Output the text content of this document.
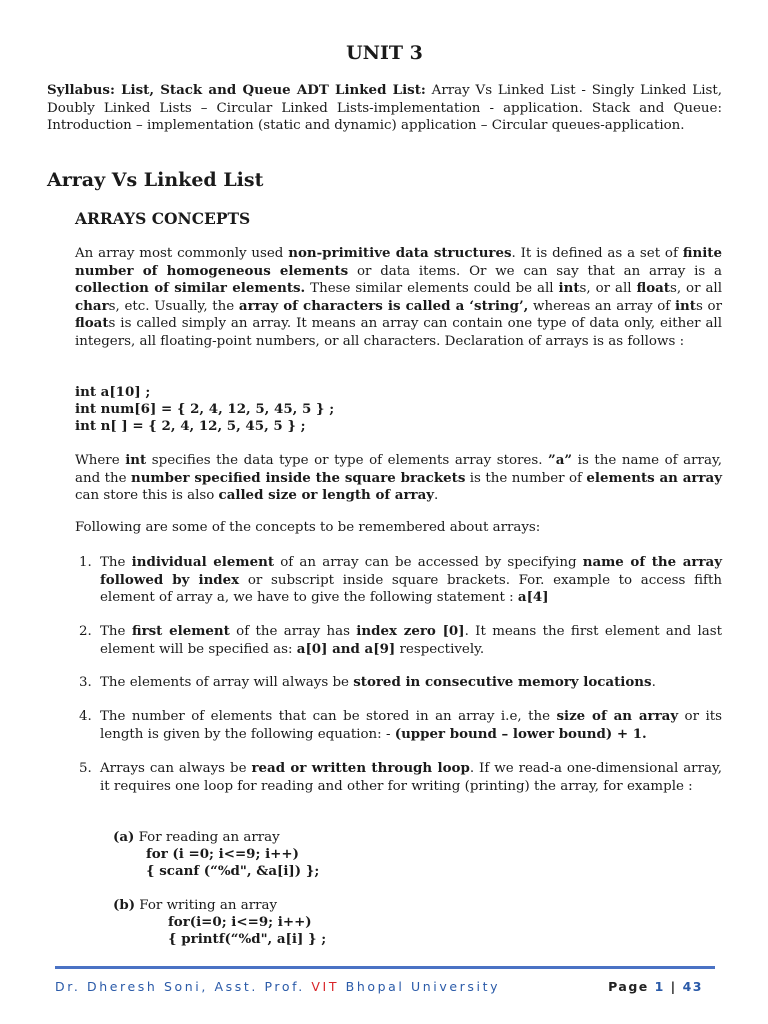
UNIT 3
Syllabus: List, Stack and Queue ADT Linked List: Array Vs Linked List - Singly Linked List, Doubly Linked Lists – Circular Linked Lists-implementation - application. Stack and Queue: Introduction – implementation (static and dynamic) application – Circular queues-application.
Array Vs Linked List
ARRAYS CONCEPTS
An array most commonly used non-primitive data structures. It is defined as a set of finite number of homogeneous elements or data items. Or we can say that an array is a collection of similar elements. These similar elements could be all ints, or all floats, or all chars, etc. Usually, the array of characters is called a ‘string’, whereas an array of ints or floats is called simply an array. It means an array can contain one type of data only, either all integers, all floating-point numbers, or all characters. Declaration of arrays is as follows :
int a[10] ;
int num[6] = { 2, 4, 12, 5, 45, 5 } ;
int n[ ] = { 2, 4, 12, 5, 45, 5 } ;
Where int specifies the data type or type of elements array stores. ”a” is the name of array, and the number specified inside the square brackets is the number of elements an array can store this is also called size or length of array.
Following are some of the concepts to be remembered about arrays:
1. The individual element of an array can be accessed by specifying name of the array followed by index or subscript inside square brackets. For. example to access fifth element of array a, we have to give the following statement : a[4]
2. The first element of the array has index zero [0]. It means the first element and last element will be specified as: a[0] and a[9] respectively.
3. The elements of array will always be stored in consecutive memory locations.
4. The number of elements that can be stored in an array i.e, the size of an array or its length is given by the following equation: - (upper bound – lower bound) + 1.
5. Arrays can always be read or written through loop. If we read-a one-dimensional array, it requires one loop for reading and other for writing (printing) the array, for example :
(a) For reading an array
for (i =0; i<=9; i++)
{ scanf (“%d", &a[i]) };
(b) For writing an array
for(i=0; i<=9; i++)
{ printf(“%d", a[i] } ;
Dr. Dheresh Soni, Asst. Prof. VIT Bhopal University	Page 1 | 43
